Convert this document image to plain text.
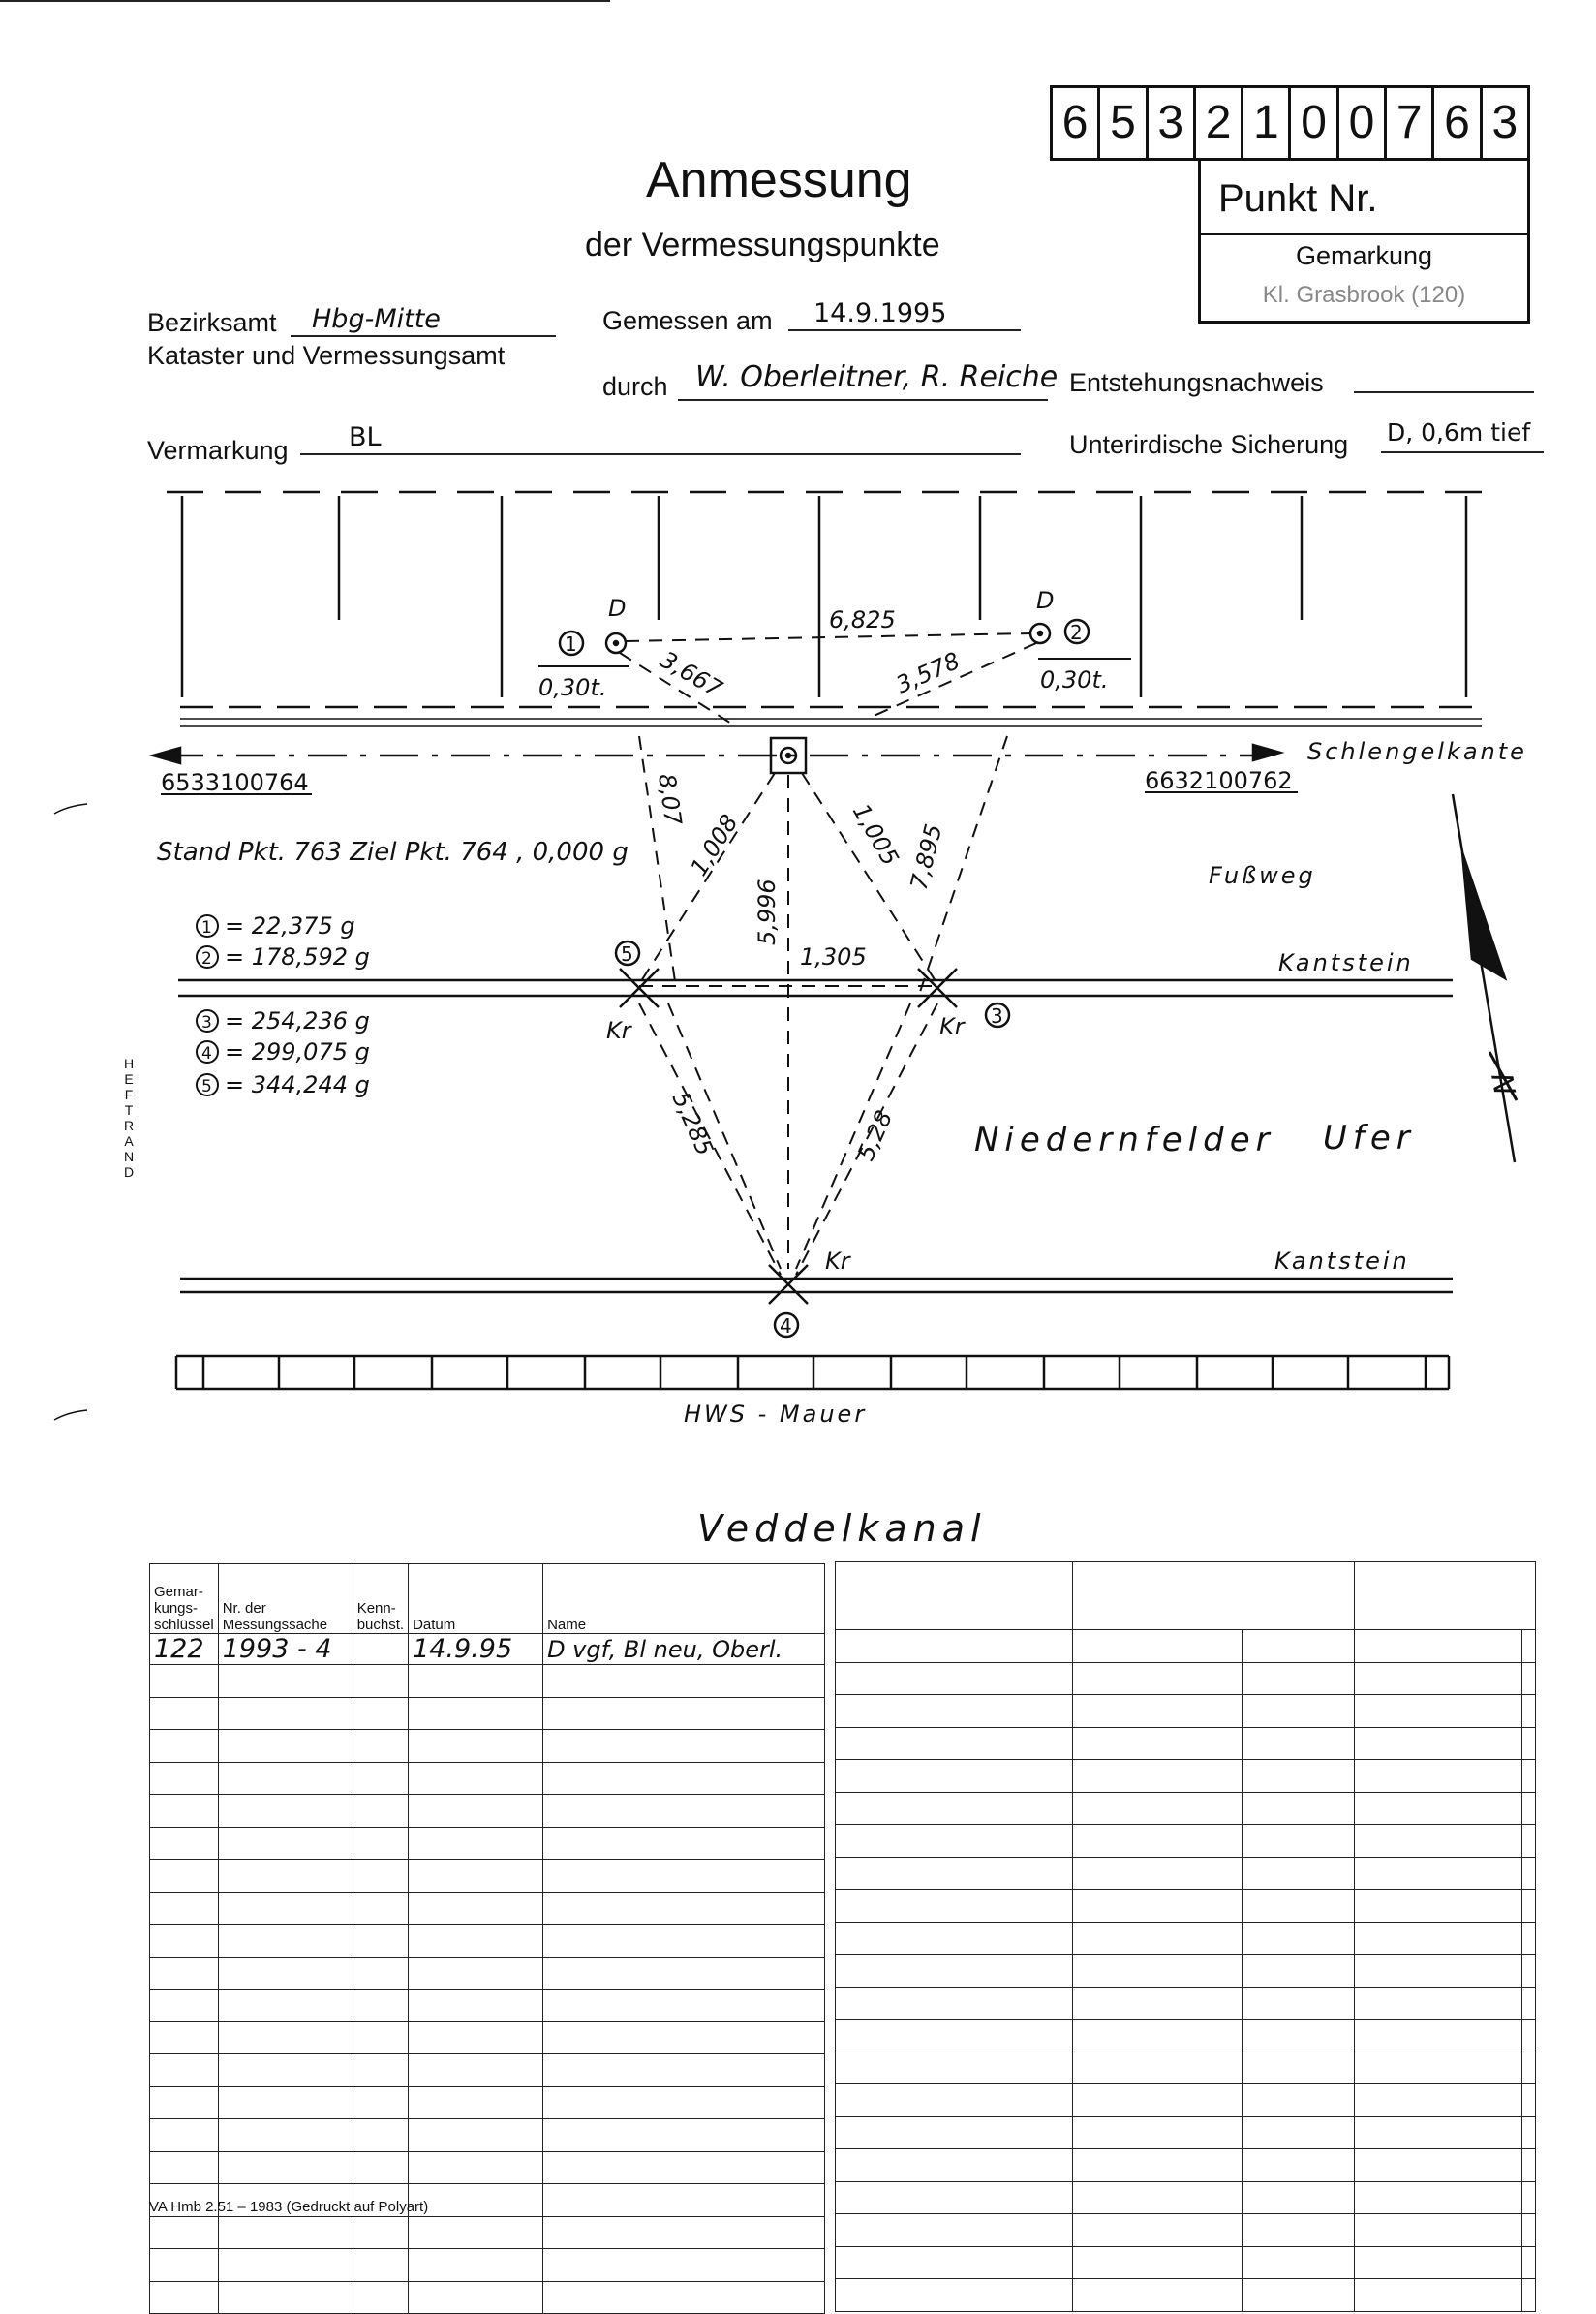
6 5 3 2 1 0 0 7 6 3
Punkt Nr.
Gemarkung
Kl. Grasbrook (120)
Anmessung
der Vermessungspunkte
Bezirksamt	Hbg-Mitte
Kataster und Vermessungsamt
Gemessen am	14.9.1995
durch W. Oberleitner, R. Reiche Entstehungsnachweis
Vermarkung	BL	Unterirdische Sicherung D, 0,6m tief
D	D
1	2
5
3
4
0,30t.	0,30t.
6,825
3,667	3,578
8,07
1,008
5,996
1,005 7,895
1,305
5,285	5,28
6533100764	6632100762
Schlengelkante
Fußweg
Kantstein
Kantstein
Niedernfelder Ufer
Kr	Kr
Kr
HWS - Mauer
N
Stand Pkt. 763 Ziel Pkt. 764 , 0,000 g
1
2
3
4
5
= 22,375 g
= 178,592 g
= 254,236 g
= 299,075 g
= 344,244 g
HEFTRAND
Veddelkanal
Gemar-kungs-schlüssel	Nr. der Messungssache	Kenn-buchst.	Datum	Name
122	1993 - 4		14.9.95	D vgf, Bl neu, Oberl.

VA Hmb 2.51 – 1983 (Gedruckt auf Polyart)
